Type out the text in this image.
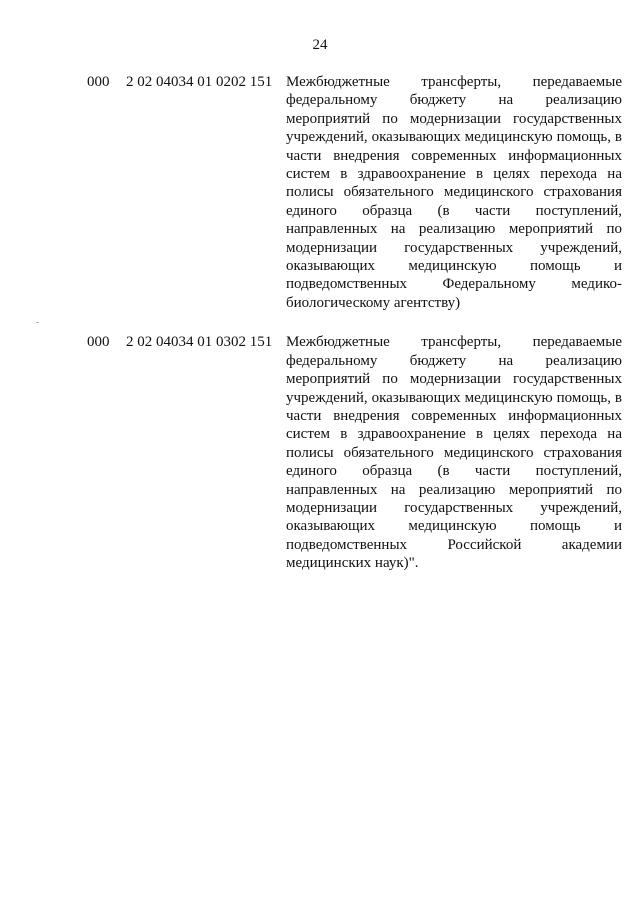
24
000 2 02 04034 01 0202 151 Межбюджетные трансферты, передаваемые федеральному бюджету на реализацию мероприятий по модернизации государственных учреждений, оказывающих медицинскую помощь, в части внедрения современных информационных систем в здравоохранение в целях перехода на полисы обязательного медицинского страхования единого образца (в части поступлений, направленных на реализацию мероприятий по модернизации государственных учреждений, оказывающих медицинскую помощь и подведомственных Федеральному медико-биологическому агентству)
000 2 02 04034 01 0302 151 Межбюджетные трансферты, передаваемые федеральному бюджету на реализацию мероприятий по модернизации государственных учреждений, оказывающих медицинскую помощь, в части внедрения современных информационных систем в здравоохранение в целях перехода на полисы обязательного медицинского страхования единого образца (в части поступлений, направленных на реализацию мероприятий по модернизации государственных учреждений, оказывающих медицинскую помощь и подведомственных Российской академии медицинских наук)".
